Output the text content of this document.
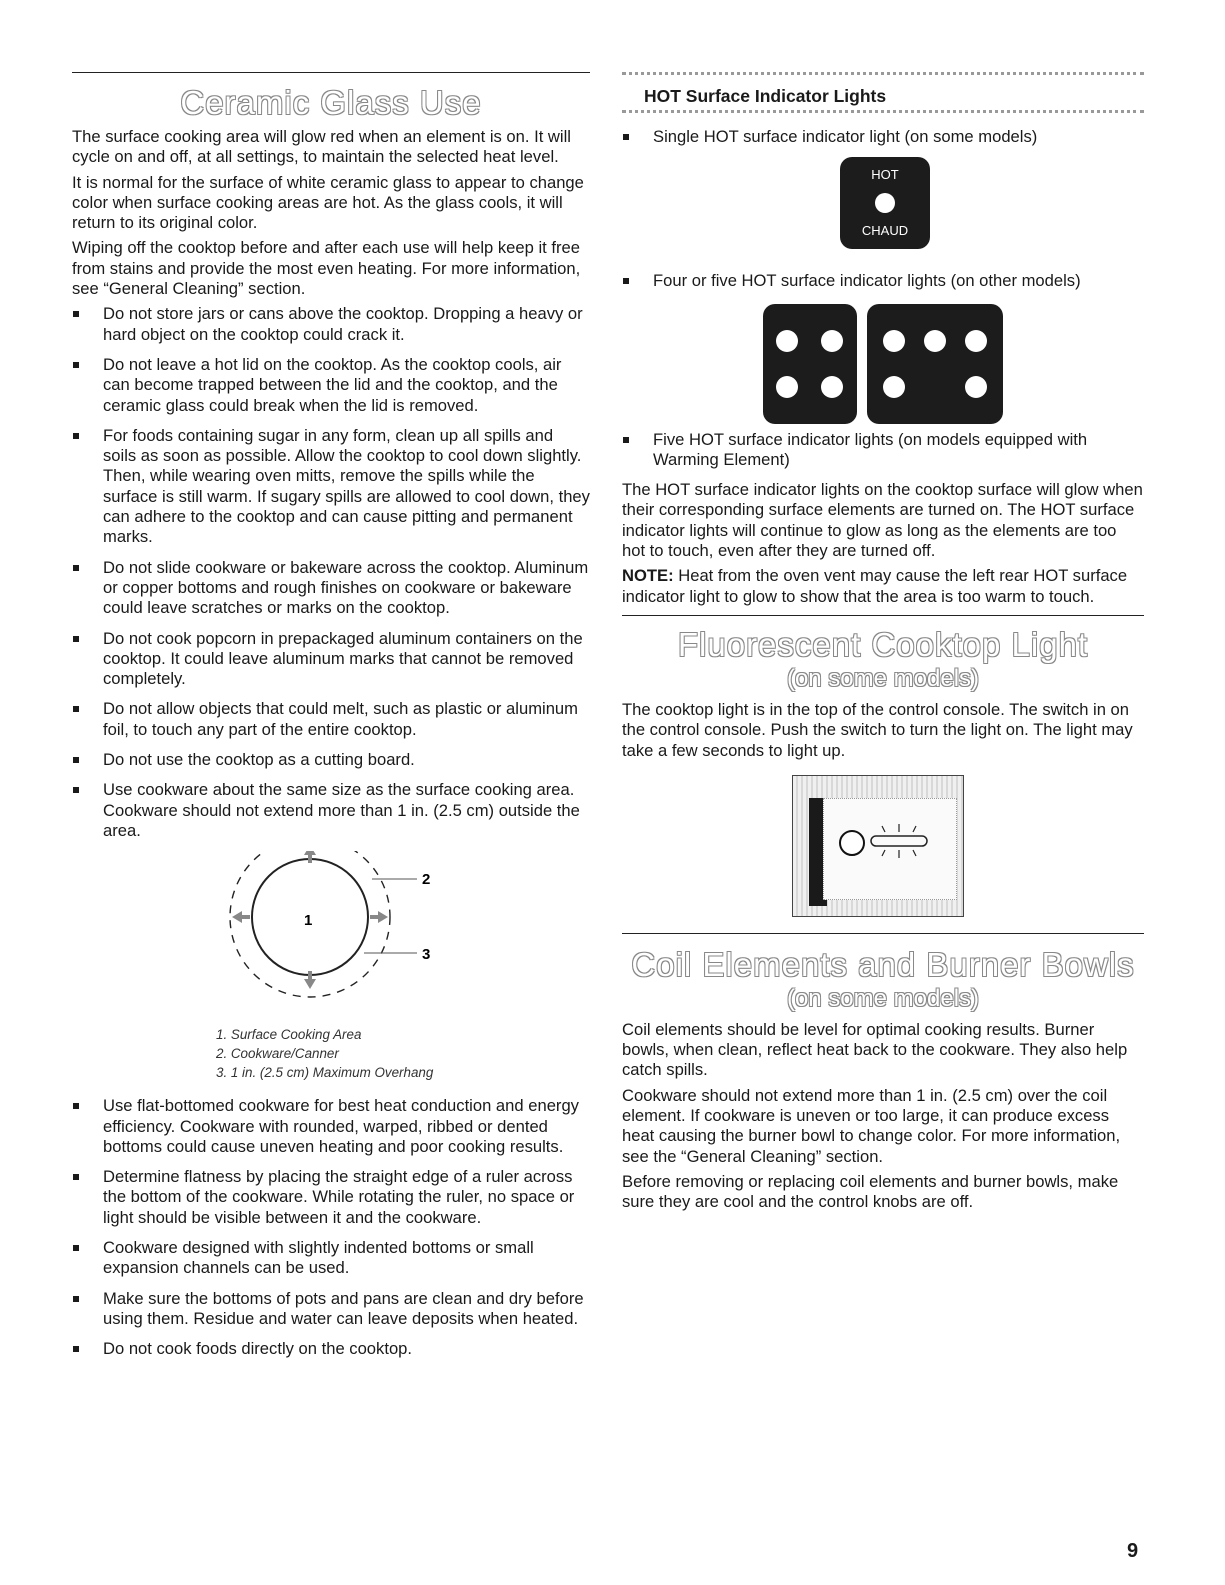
Ceramic Glass Use

The surface cooking area will glow red when an element is on. It will cycle on and off, at all settings, to maintain the selected heat level.

It is normal for the surface of white ceramic glass to appear to change color when surface cooking areas are hot. As the glass cools, it will return to its original color.

Wiping off the cooktop before and after each use will help keep it free from stains and provide the most even heating. For more information, see “General Cleaning” section.

Do not store jars or cans above the cooktop. Dropping a heavy or hard object on the cooktop could crack it.
Do not leave a hot lid on the cooktop. As the cooktop cools, air can become trapped between the lid and the cooktop, and the ceramic glass could break when the lid is removed.
For foods containing sugar in any form, clean up all spills and soils as soon as possible. Allow the cooktop to cool down slightly. Then, while wearing oven mitts, remove the spills while the surface is still warm. If sugary spills are allowed to cool down, they can adhere to the cooktop and can cause pitting and permanent marks.
Do not slide cookware or bakeware across the cooktop. Aluminum or copper bottoms and rough finishes on cookware or bakeware could leave scratches or marks on the cooktop.
Do not cook popcorn in prepackaged aluminum containers on the cooktop. It could leave aluminum marks that cannot be removed completely.
Do not allow objects that could melt, such as plastic or aluminum foil, to touch any part of the entire cooktop.
Do not use the cooktop as a cutting board.
Use cookware about the same size as the surface cooking area. Cookware should not extend more than 1 in. (2.5 cm) outside the area.
1
2
3
1. Surface Cooking Area
2. Cookware/Canner
3. 1 in. (2.5 cm) Maximum Overhang
Use flat-bottomed cookware for best heat conduction and energy efficiency. Cookware with rounded, warped, ribbed or dented bottoms could cause uneven heating and poor cooking results.
Determine flatness by placing the straight edge of a ruler across the bottom of the cookware. While rotating the ruler, no space or light should be visible between it and the cookware.
Cookware designed with slightly indented bottoms or small expansion channels can be used.
Make sure the bottoms of pots and pans are clean and dry before using them. Residue and water can leave deposits when heated.
Do not cook foods directly on the cooktop.
HOT Surface Indicator Lights
Single HOT surface indicator light (on some models)
HOT
CHAUD
Four or five HOT surface indicator lights (on other models)
Five HOT surface indicator lights (on models equipped with Warming Element)

The HOT surface indicator lights on the cooktop surface will glow when their corresponding surface elements are turned on. The HOT surface indicator lights will continue to glow as long as the elements are too hot to touch, even after they are turned off.

NOTE: Heat from the oven vent may cause the left rear HOT surface indicator light to glow to show that the area is too warm to touch.

Fluorescent Cooktop Light
(on some models)

The cooktop light is in the top of the control console. The switch in on the control console. Push the switch to turn the light on. The light may take a few seconds to light up.

Coil Elements and Burner Bowls
(on some models)

Coil elements should be level for optimal cooking results. Burner bowls, when clean, reflect heat back to the cookware. They also help catch spills.

Cookware should not extend more than 1 in. (2.5 cm) over the coil element. If cookware is uneven or too large, it can produce excess heat causing the burner bowl to change color. For more information, see the “General Cleaning” section.

Before removing or replacing coil elements and burner bowls, make sure they are cool and the control knobs are off.

9
